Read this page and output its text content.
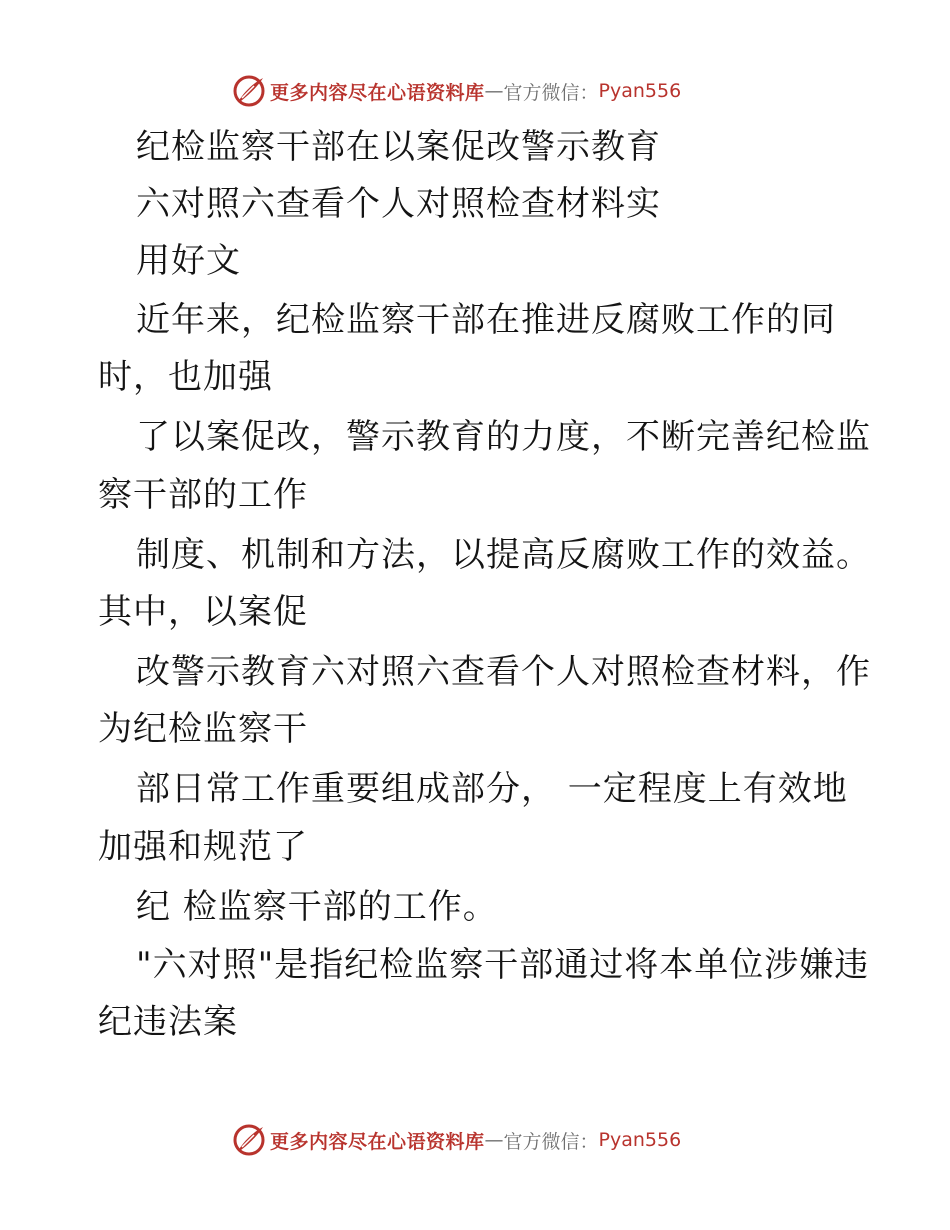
更多内容尽在心语资料库 — 官方微信： Pyan556
纪检监察干部在以案促改警示教育
六对照六查看个人对照检查材料实
用好文
近年来，纪检监察干部在推进反腐败工作的同
时，也加强
了以案促改，警示教育的力度，不断完善纪检监
察干部的工作
制度、机制和方法，以提高反腐败工作的效益。
其中，以案促
改警示教育六对照六查看个人对照检查材料，作
为纪检监察干
部日常工作重要组成部分， 一定程度上有效地
加强和规范了
纪 检监察干部的工作。
"六对照"是指纪检监察干部通过将本单位涉嫌违
纪违法案
更多内容尽在心语资料库 — 官方微信： Pyan556
